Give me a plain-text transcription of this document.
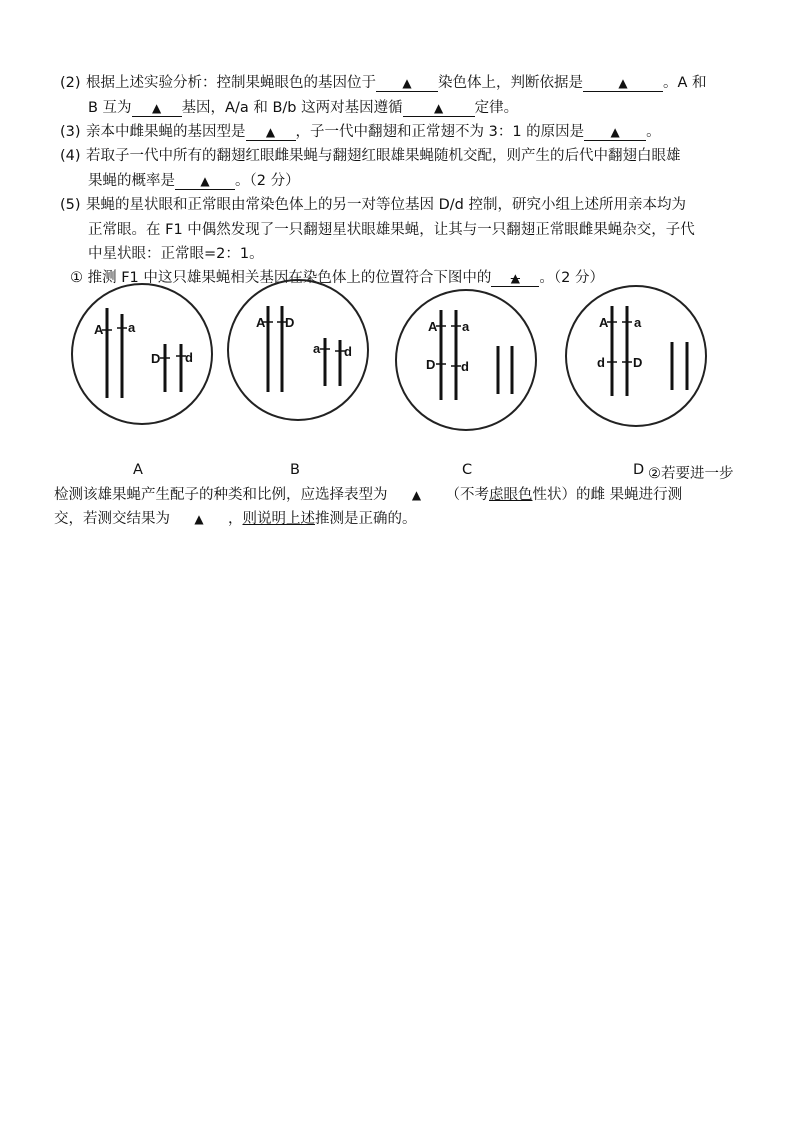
(2) 根据上述实验分析：控制果蝇眼色的基因位于 ▲ 染色体上，判断依据是	▲ 。A 和
B 互为 ▲ 基因，A/a 和 B/b 这两对基因遵循	▲ 定律。
(3) 亲本中雌果蝇的基因型是 ▲ ，子一代中翻翅和正常翅不为 3：1 的原因是 ▲ 。
(4) 若取子一代中所有的翻翅红眼雌果蝇与翻翅红眼雄果蝇随机交配，则产生的后代中翻翅白眼雄
果蝇的概率是 ▲ 。（2 分）
(5) 果蝇的星状眼和正常眼由常染色体上的另一对等位基因 D/d 控制，研究小组上述所用亲本均为
正常眼。在 F1 中偶然发现了一只翻翅星状眼雄果蝇，让其与一只翻翅正常眼雌果蝇杂交，子代
中星状眼：正常眼=2：1。
① 推测 F1 中这只雄果蝇相关基因在染色体上的位置符合下图中的 ▲ 。（2 分）
A a
D d
A D
a d
A a
D d
A a
d D
A	B	C	D ②若要进一步
检测该雄果蝇产生配子的种类和比例，应选择表型为 ▲ （不考虑眼色性状）的雌 果蝇进行测
交，若测交结果为 ▲ ，则说明上述推测是正确的。
